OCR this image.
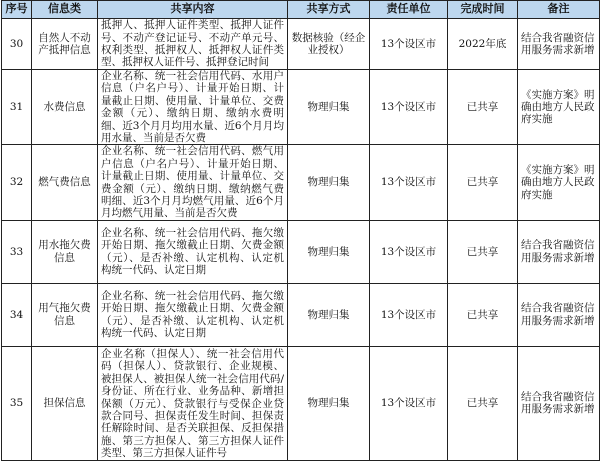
序号	信息类	共享内容	共享方式	责任单位	完成时间	备注
30	自然人不动产抵押信息	抵押人、抵押人证件类型、抵押人证件号、不动产登记证号、不动产单元号、权利类型、抵押权人、抵押权人证件类型、抵押权人证件号、抵押登记时间	数据核验（经企业授权）	13个设区市	2022年底	结合我省融资信用服务需求新增
31	水费信息	企业名称、统一社会信用代码、水用户信息（户名户号）、计量开始日期、计量截止日期、使用量、计量单位、交费金额（元）、缴纳日期、缴纳水费明细、近3个月月均用水量、近6个月月均用水量、当前是否欠费	物理归集	13个设区市	已共享	《实施方案》明确由地方人民政府实施
32	燃气费信息	企业名称、统一社会信用代码、燃气用户信息（户名户号）、计量开始日期、计量截止日期、使用量、计量单位、交费金额（元）、缴纳日期、缴纳燃气费明细、近3个月月均燃气用量、近6个月月均燃气用量、当前是否欠费	物理归集	13个设区市	已共享	《实施方案》明确由地方人民政府实施
33	用水拖欠费信息	企业名称、统一社会信用代码、拖欠缴开始日期、拖欠缴截止日期、欠费金额（元）、是否补缴、认定机构、认定机构统一代码、认定日期	物理归集	13个设区市	已共享	结合我省融资信用服务需求新增
34	用气拖欠费信息	企业名称、统一社会信用代码、拖欠缴开始日期、拖欠缴截止日期、欠费金额（元）、是否补缴、认定机构、认定机构统一代码、认定日期	物理归集	13个设区市	已共享	结合我省融资信用服务需求新增
35	担保信息	企业名称（担保人）、统一社会信用代码（担保人）、贷款银行、企业规模、被担保人、被担保人统一社会信用代码/身份证、所在行业、业务品种、新增担保额（万元）、贷款银行与受保企业贷款合同号、担保责任发生时间、担保责任解除时间、是否关联担保、反担保措施、第三方担保人、第三方担保人证件类型、第三方担保人证件号	物理归集	13个设区市	已共享	结合我省融资信用服务需求新增
